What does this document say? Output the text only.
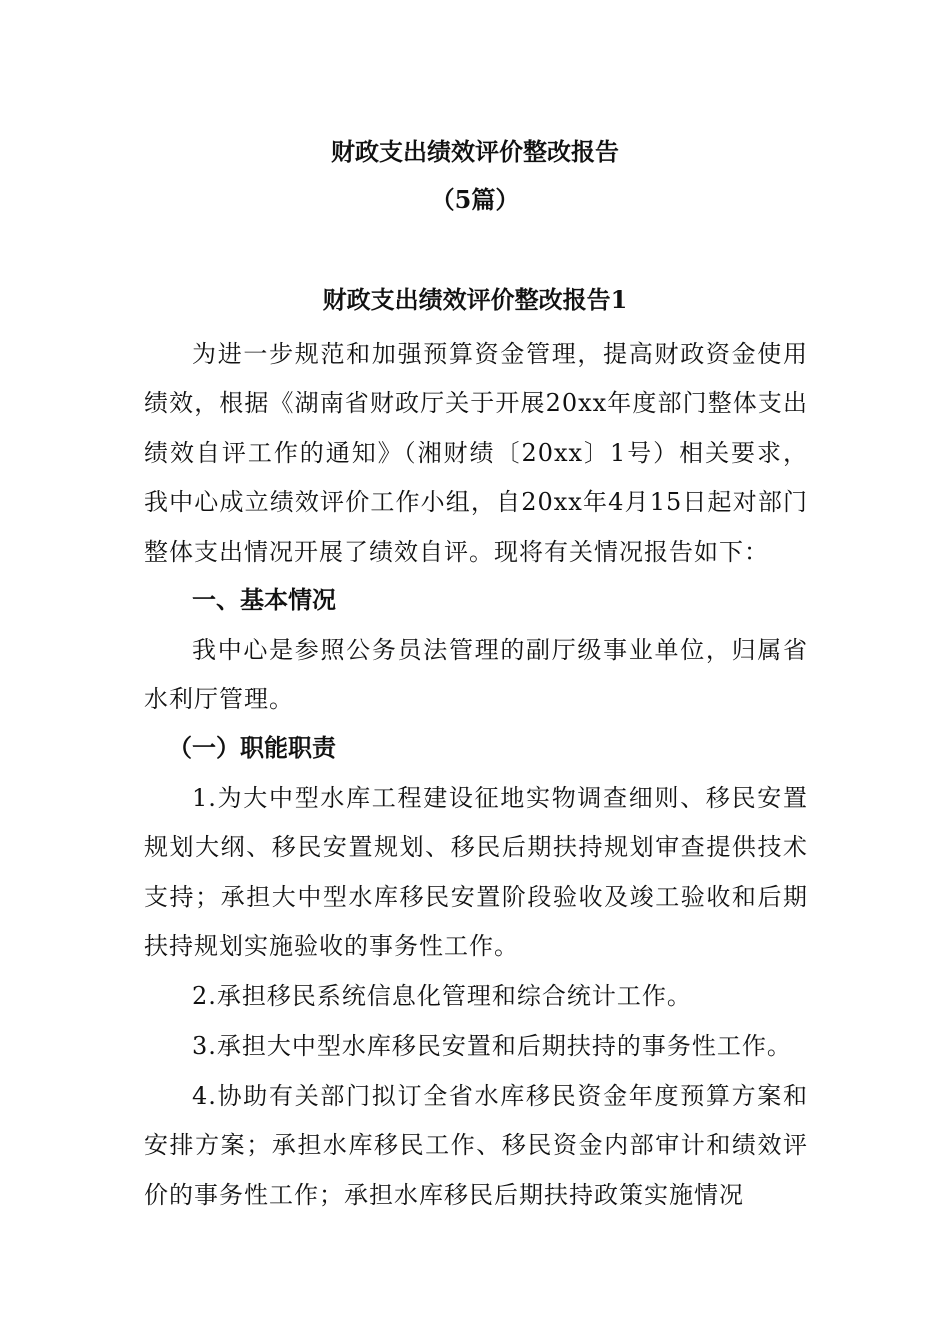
财政支出绩效评价整改报告
（5篇）
财政支出绩效评价整改报告1

为进一步规范和加强预算资金管理，提高财政资金使用绩效，根据《湖南省财政厅关于开展20xx年度部门整体支出绩效自评工作的通知》（湘财绩〔20xx〕1号）相关要求，我中心成立绩效评价工作小组，自20xx年4月15日起对部门整体支出情况开展了绩效自评。现将有关情况报告如下：

一、基本情况

我中心是参照公务员法管理的副厅级事业单位，归属省水利厅管理。

（一）职能职责

1.为大中型水库工程建设征地实物调查细则、移民安置规划大纲、移民安置规划、移民后期扶持规划审查提供技术支持；承担大中型水库移民安置阶段验收及竣工验收和后期扶持规划实施验收的事务性工作。

2.承担移民系统信息化管理和综合统计工作。

3.承担大中型水库移民安置和后期扶持的事务性工作。

4.协助有关部门拟订全省水库移民资金年度预算方案和安排方案；承担水库移民工作、移民资金内部审计和绩效评价的事务性工作；承担水库移民后期扶持政策实施情况
